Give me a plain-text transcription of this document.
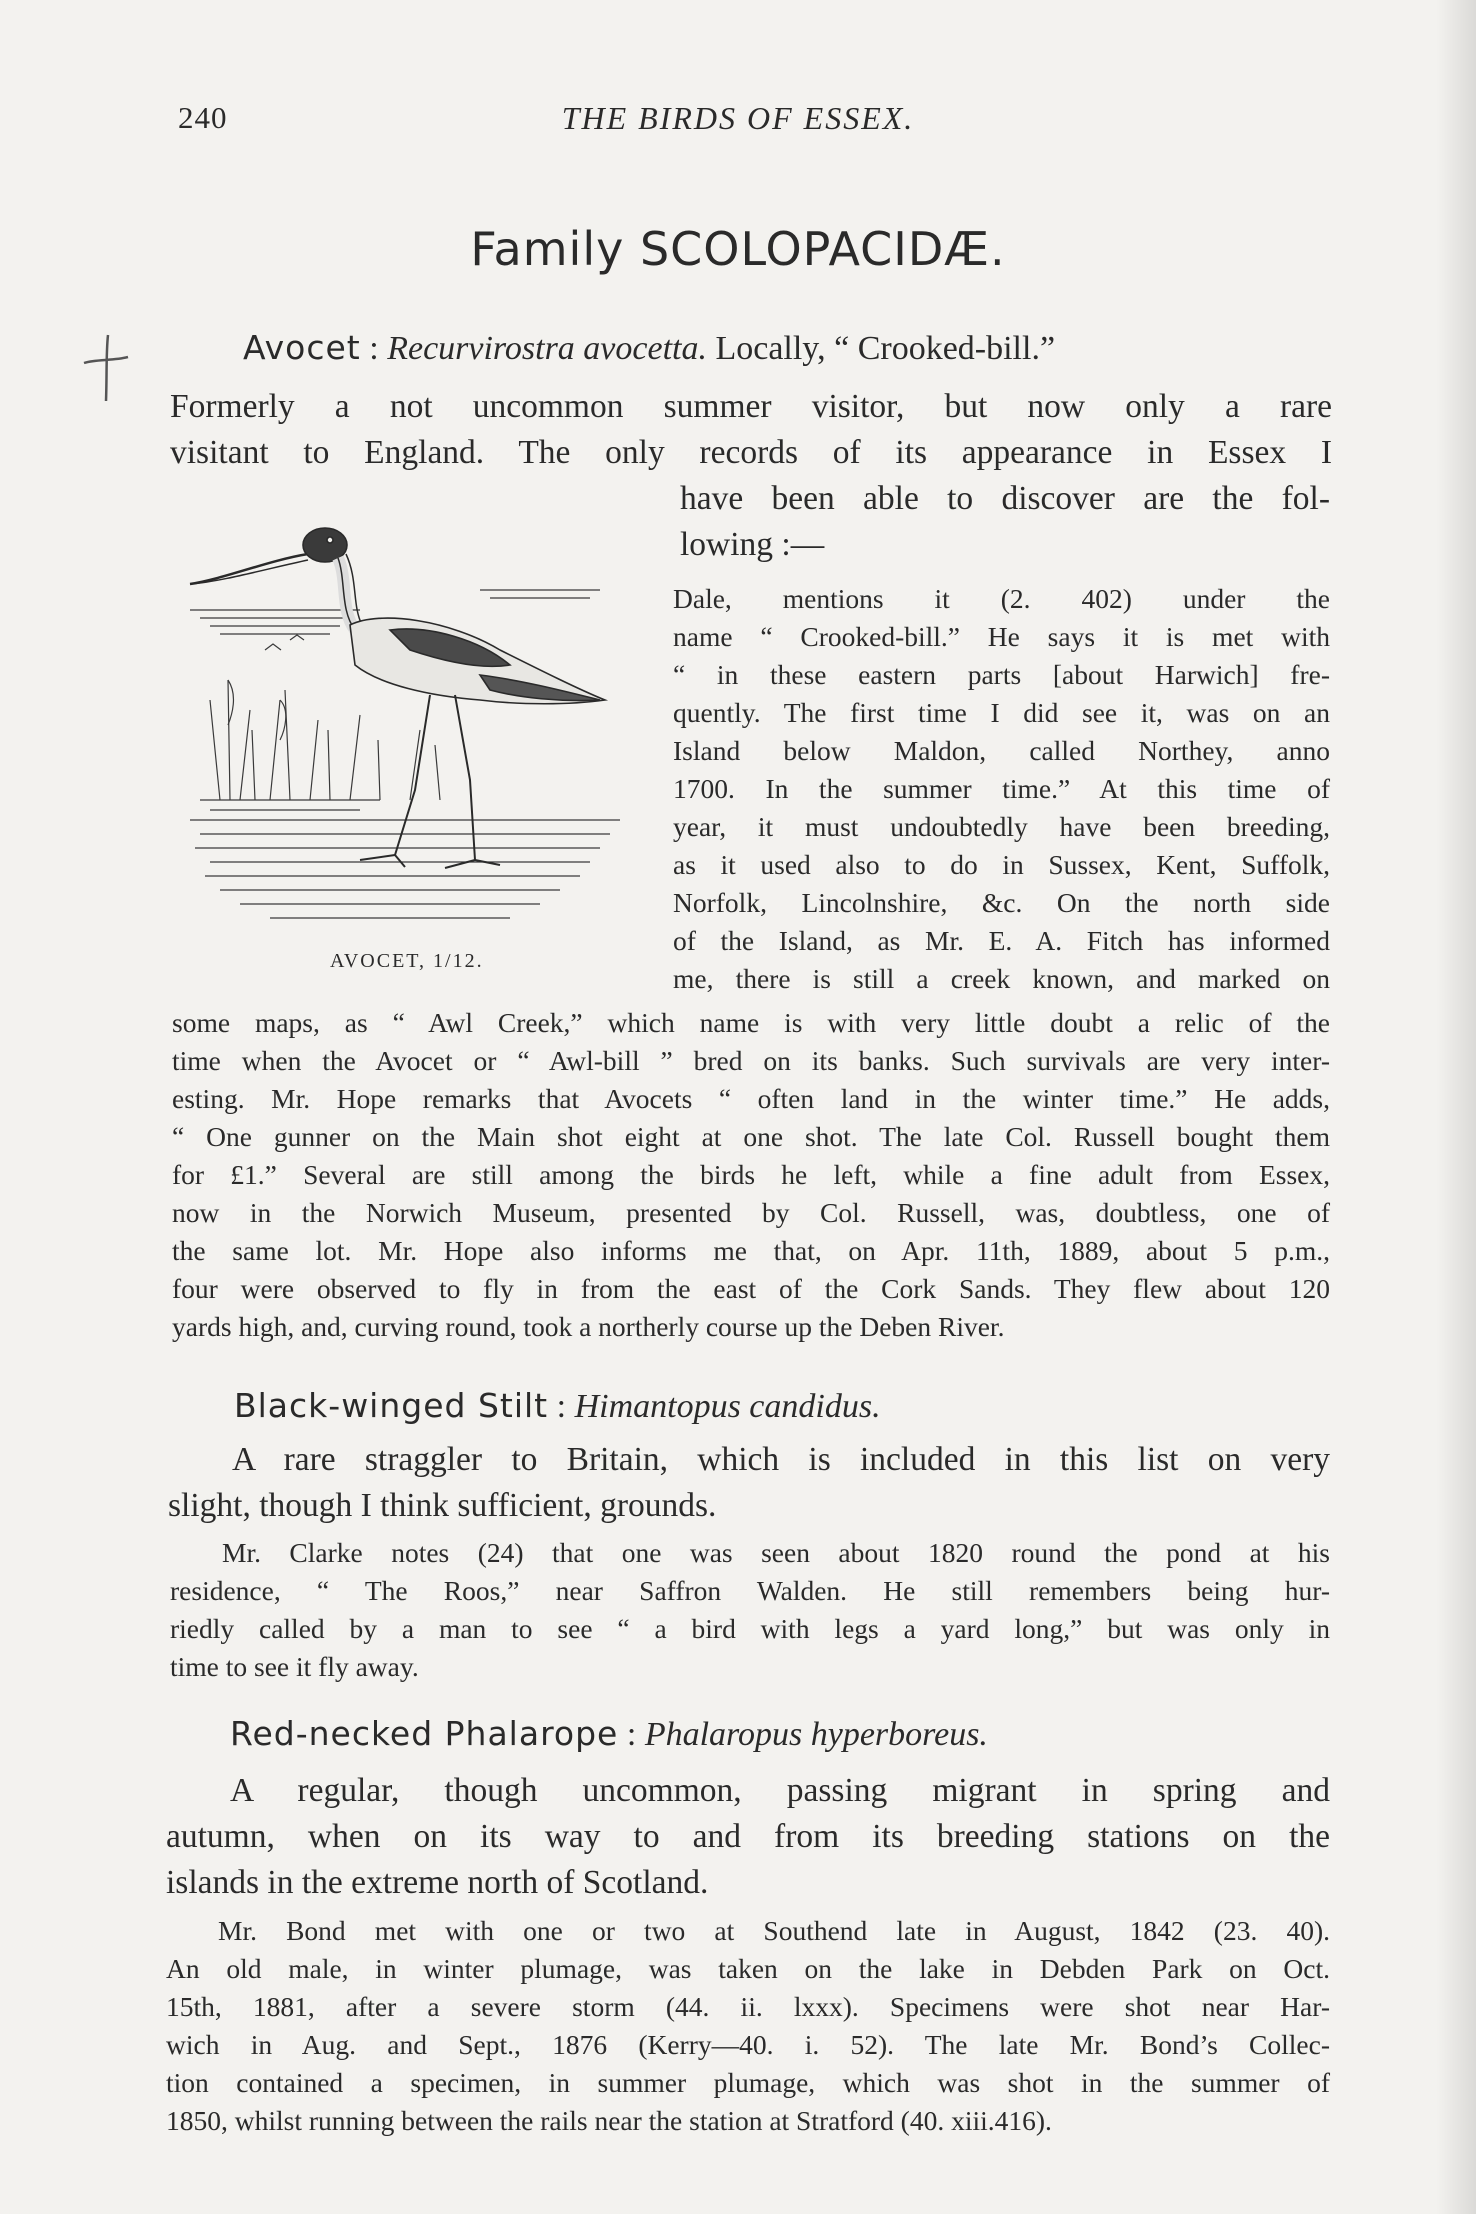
240	THE BIRDS OF ESSEX.
Family SCOLOPACIDÆ.
Avocet : Recurvirostra avocetta. Locally, “ Crooked-bill.”
Formerly a not uncommon summer visitor, but now only a rare
visitant to England. The only records of its appearance in Essex I
have been able to discover are the fol-
lowing :—
AVOCET, 1/12.
Dale, mentions it (2. 402) under the
name “ Crooked-bill.” He says it is met with
“ in these eastern parts [about Harwich] fre-
quently. The first time I did see it, was on an
Island below Maldon, called Northey, anno
1700. In the summer time.” At this time of
year, it must undoubtedly have been breeding,
as it used also to do in Sussex, Kent, Suffolk,
Norfolk, Lincolnshire, &c. On the north side
of the Island, as Mr. E. A. Fitch has informed
me, there is still a creek known, and marked on
some maps, as “ Awl Creek,” which name is with very little doubt a relic of the
time when the Avocet or “ Awl-bill ” bred on its banks. Such survivals are very inter-
esting. Mr. Hope remarks that Avocets “ often land in the winter time.” He adds,
“ One gunner on the Main shot eight at one shot. The late Col. Russell bought them
for £1.” Several are still among the birds he left, while a fine adult from Essex,
now in the Norwich Museum, presented by Col. Russell, was, doubtless, one of
the same lot. Mr. Hope also informs me that, on Apr. 11th, 1889, about 5 p.m.,
four were observed to fly in from the east of the Cork Sands. They flew about 120
yards high, and, curving round, took a northerly course up the Deben River.
Black-winged Stilt : Himantopus candidus.
A rare straggler to Britain, which is included in this list on very
slight, though I think sufficient, grounds.
Mr. Clarke notes (24) that one was seen about 1820 round the pond at his
residence, “ The Roos,” near Saffron Walden. He still remembers being hur-
riedly called by a man to see “ a bird with legs a yard long,” but was only in
time to see it fly away.
Red-necked Phalarope : Phalaropus hyperboreus.
A regular, though uncommon, passing migrant in spring and
autumn, when on its way to and from its breeding stations on the
islands in the extreme north of Scotland.
Mr. Bond met with one or two at Southend late in August, 1842 (23. 40).
An old male, in winter plumage, was taken on the lake in Debden Park on Oct.
15th, 1881, after a severe storm (44. ii. lxxx). Specimens were shot near Har-
wich in Aug. and Sept., 1876 (Kerry—40. i. 52). The late Mr. Bond’s Collec-
tion contained a specimen, in summer plumage, which was shot in the summer of
1850, whilst running between the rails near the station at Stratford (40. xiii.416).
